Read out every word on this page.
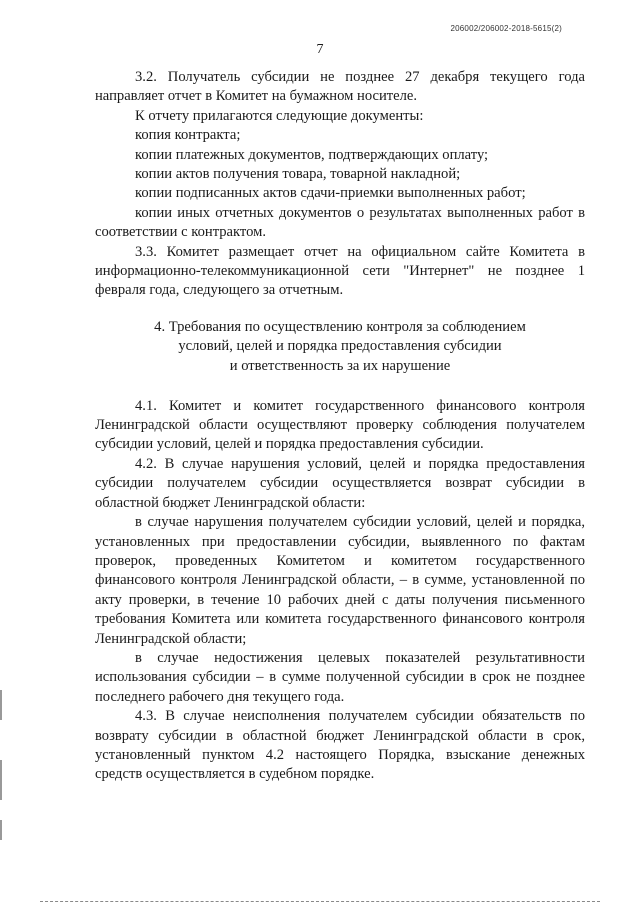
206002/206002-2018-5615(2)
7

3.2. Получатель субсидии не позднее 27 декабря текущего года направляет отчет в Комитет на бумажном носителе.

К отчету прилагаются следующие документы:

копия контракта;

копии платежных документов, подтверждающих оплату;

копии актов получения товара, товарной накладной;

копии подписанных актов сдачи-приемки выполненных работ;

копии иных отчетных документов о результатах выполненных работ в соответствии с контрактом.

3.3. Комитет размещает отчет на официальном сайте Комитета в информационно-телекоммуникационной сети "Интернет" не позднее 1 февраля года, следующего за отчетным.

4. Требования по осуществлению контроля за соблюдением
условий, целей и порядка предоставления субсидии
и ответственность за их нарушение

4.1. Комитет и комитет государственного финансового контроля Ленинградской области осуществляют проверку соблюдения получателем субсидии условий, целей и порядка предоставления субсидии.

4.2. В случае нарушения условий, целей и порядка предоставления субсидии получателем субсидии осуществляется возврат субсидии в областной бюджет Ленинградской области:

в случае нарушения получателем субсидии условий, целей и порядка, установленных при предоставлении субсидии, выявленного по фактам проверок, проведенных Комитетом и комитетом государственного финансового контроля Ленинградской области, – в сумме, установленной по акту проверки, в течение 10 рабочих дней с даты получения письменного требования Комитета или комитета государственного финансового контроля Ленинградской области;

в случае недостижения целевых показателей результативности использования субсидии – в сумме полученной субсидии в срок не позднее последнего рабочего дня текущего года.

4.3. В случае неисполнения получателем субсидии обязательств по возврату субсидии в областной бюджет Ленинградской области в срок, установленный пунктом 4.2 настоящего Порядка, взыскание денежных средств осуществляется в судебном порядке.
